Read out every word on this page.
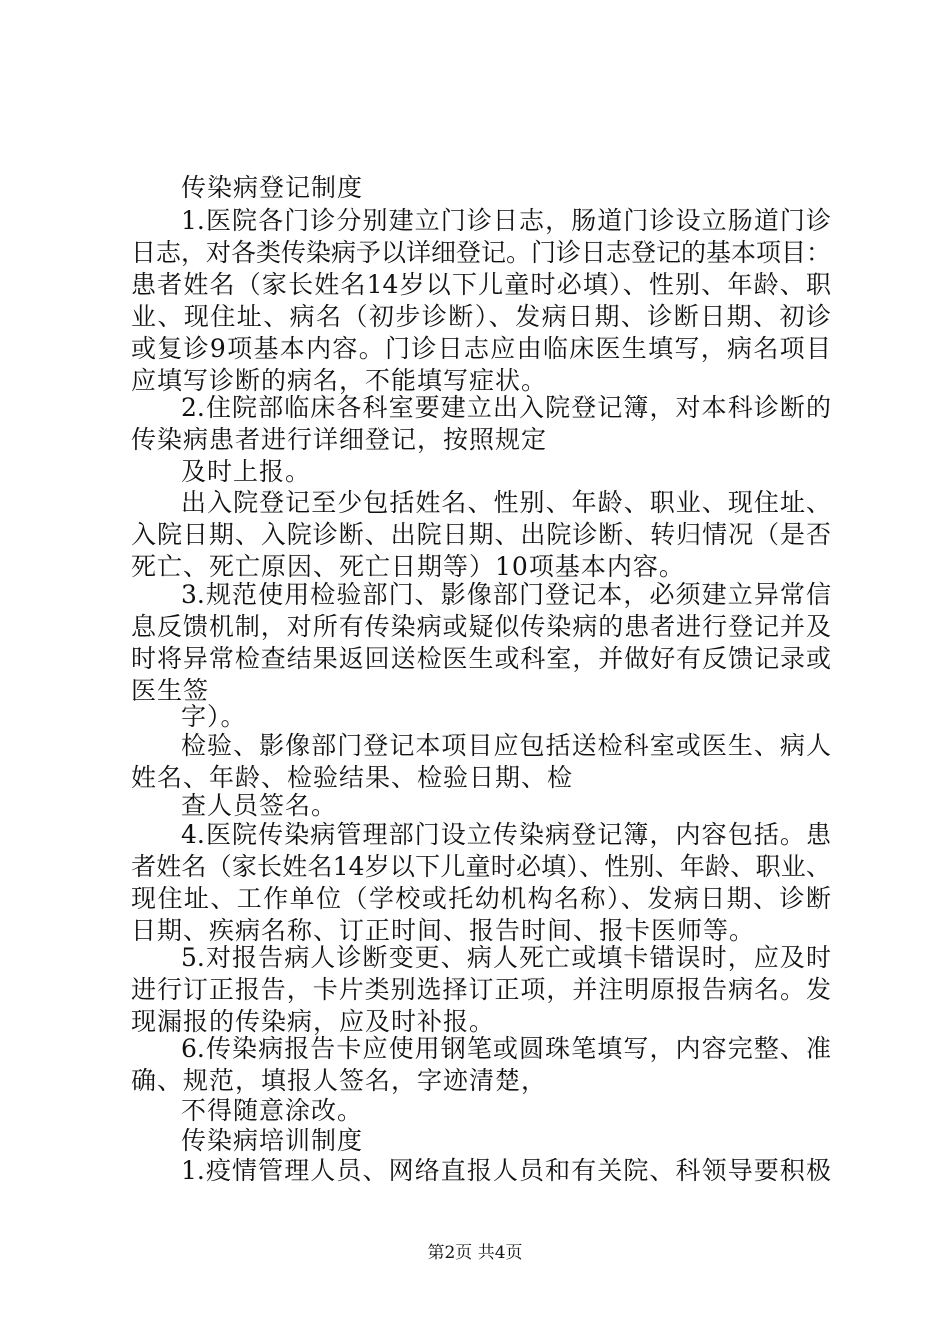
传染病登记制度
1.医院各门诊分别建立门诊日志，肠道门诊设立肠道门诊
日志，对各类传染病予以详细登记。门诊日志登记的基本项目：
患者姓名（家长姓名14岁以下儿童时必填）、性别、年龄、职
业、现住址、病名（初步诊断）、发病日期、诊断日期、初诊
或复诊9项基本内容。门诊日志应由临床医生填写，病名项目
应填写诊断的病名，不能填写症状。
2.住院部临床各科室要建立出入院登记簿，对本科诊断的
传染病患者进行详细登记，按照规定
及时上报。
出入院登记至少包括姓名、性别、年龄、职业、现住址、
入院日期、入院诊断、出院日期、出院诊断、转归情况（是否
死亡、死亡原因、死亡日期等）10项基本内容。
3.规范使用检验部门、影像部门登记本，必须建立异常信
息反馈机制，对所有传染病或疑似传染病的患者进行登记并及
时将异常检查结果返回送检医生或科室，并做好有反馈记录或
医生签
字）。
检验、影像部门登记本项目应包括送检科室或医生、病人
姓名、年龄、检验结果、检验日期、检
查人员签名。
4.医院传染病管理部门设立传染病登记簿，内容包括。患
者姓名（家长姓名14岁以下儿童时必填）、性别、年龄、职业、
现住址、工作单位（学校或托幼机构名称）、发病日期、诊断
日期、疾病名称、订正时间、报告时间、报卡医师等。
5.对报告病人诊断变更、病人死亡或填卡错误时，应及时
进行订正报告，卡片类别选择订正项，并注明原报告病名。发
现漏报的传染病，应及时补报。
6.传染病报告卡应使用钢笔或圆珠笔填写，内容完整、准
确、规范，填报人签名，字迹清楚，
不得随意涂改。
传染病培训制度
1.疫情管理人员、网络直报人员和有关院、科领导要积极
第2页 共4页
